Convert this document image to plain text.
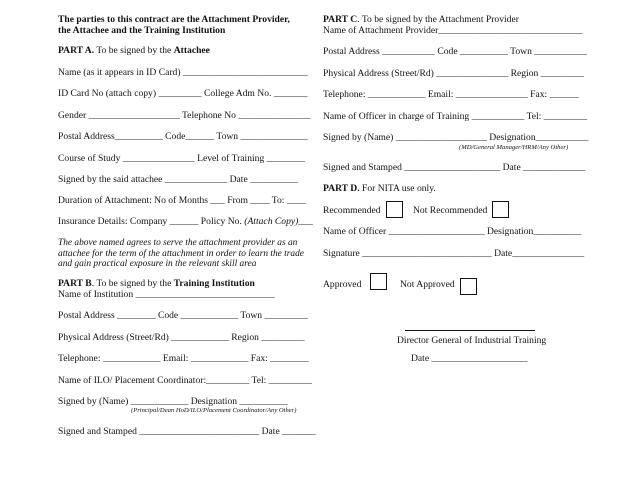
The parties to this contract are the Attachment Provider,
the Attachee and the Training Institution
PART A. To be signed by the Attachee
Name (as it appears in ID Card) __________________________
ID Card No (attach copy) _________ College Adm No. _______
Gender ___________________ Telephone No _______________
Postal Address__________ Code______ Town ______________
Course of Study _______________ Level of Training ________
Signed by the said attachee _____________ Date __________
Duration of Attachment: No of Months ___ From ____ To: ____
Insurance Details: Company ______ Policy No. (Attach Copy)___
The above named agrees to serve the attachment provider as an attachee for the term of the attachment in order to learn the trade and gain practical exposure in the relevant skill area
PART B. To be signed by the Training Institution
Name of Institution _____________________________
Postal Address ________ Code ____________ Town _________
Physical Address (Street/Rd) ____________ Region _________
Telephone: ____________ Email: ____________ Fax: ________
Name of ILO/ Placement Coordinator:_________ Tel: _________
Signed by (Name) ____________ Designation __________
(Principal/Dean HoD/ILO/Placement Coordinator/Any Other)
Signed and Stamped _________________________ Date _______
PART C. To be signed by the Attachment Provider
Name of Attachment Provider______________________________
Postal Address ___________ Code __________ Town ___________
Physical Address (Street/Rd) _______________ Region _________
Telephone: ____________ Email: _______________ Fax: ______
Name of Officer in charge of Training ___________ Tel: _________
Signed by (Name) ___________________ Designation___________
(MD/General Manager/HRM/Any Other)
Signed and Stamped ____________________ Date _____________
PART D. For NITA use only.
Recommended	Not Recommended
Name of Officer ____________________ Designation__________
Signature ___________________________ Date_______________
Approved	Not Approved
Director General of Industrial Training
Date ____________________
